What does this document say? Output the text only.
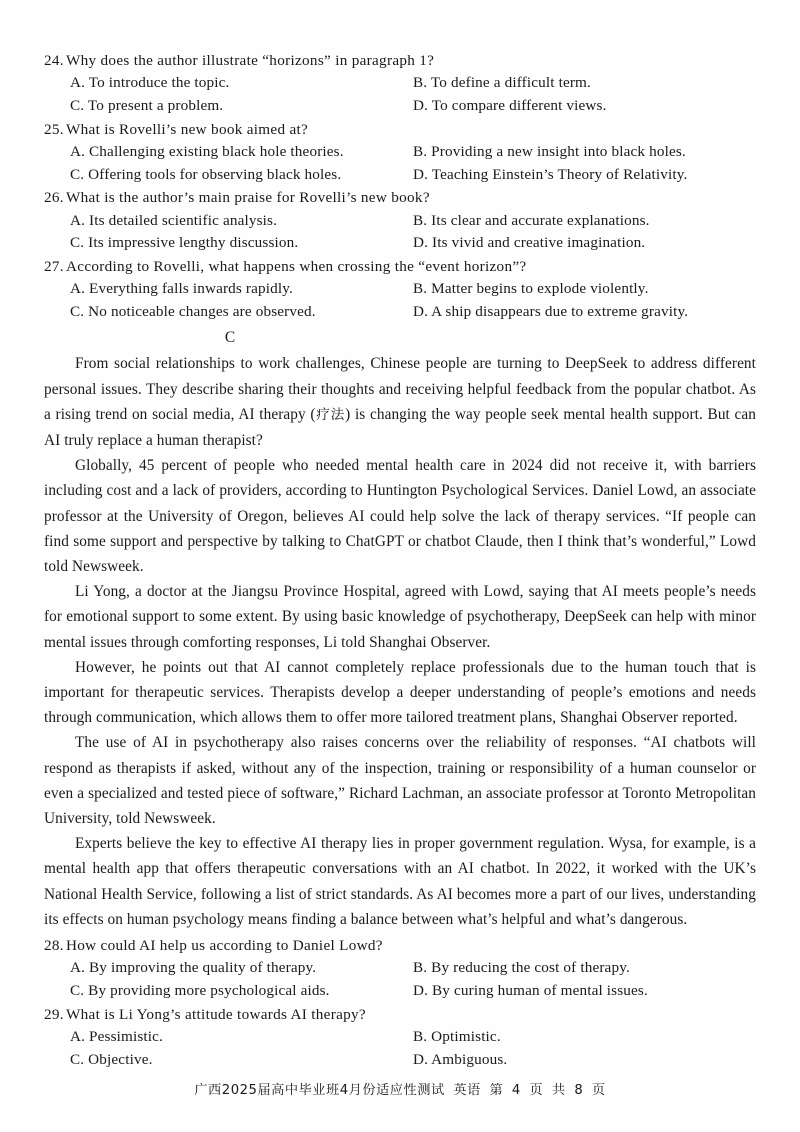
24. Why does the author illustrate “horizons” in paragraph 1?
A. To introduce the topic.	B. To define a difficult term.
C. To present a problem.	D. To compare different views.
25. What is Rovelli’s new book aimed at?
A. Challenging existing black hole theories.	B. Providing a new insight into black holes.
C. Offering tools for observing black holes.	D. Teaching Einstein’s Theory of Relativity.
26. What is the author’s main praise for Rovelli’s new book?
A. Its detailed scientific analysis.	B. Its clear and accurate explanations.
C. Its impressive lengthy discussion.	D. Its vivid and creative imagination.
27. According to Rovelli, what happens when crossing the “event horizon”?
A. Everything falls inwards rapidly.	B. Matter begins to explode violently.
C. No noticeable changes are observed.	D. A ship disappears due to extreme gravity.
C

From social relationships to work challenges, Chinese people are turning to DeepSeek to address different personal issues. They describe sharing their thoughts and receiving helpful feedback from the popular chatbot. As a rising trend on social media, AI therapy (疗法) is changing the way people seek mental health support. But can AI truly replace a human therapist?

Globally, 45 percent of people who needed mental health care in 2024 did not receive it, with barriers including cost and a lack of providers, according to Huntington Psychological Services. Daniel Lowd, an associate professor at the University of Oregon, believes AI could help solve the lack of therapy services. “If people can find some support and perspective by talking to ChatGPT or chatbot Claude, then I think that’s wonderful,” Lowd told Newsweek.

Li Yong, a doctor at the Jiangsu Province Hospital, agreed with Lowd, saying that AI meets people’s needs for emotional support to some extent. By using basic knowledge of psychotherapy, DeepSeek can help with minor mental issues through comforting responses, Li told Shanghai Observer.

However, he points out that AI cannot completely replace professionals due to the human touch that is important for therapeutic services. Therapists develop a deeper understanding of people’s emotions and needs through communication, which allows them to offer more tailored treatment plans, Shanghai Observer reported.

The use of AI in psychotherapy also raises concerns over the reliability of responses. “AI chatbots will respond as therapists if asked, without any of the inspection, training or responsibility of a human counselor or even a specialized and tested piece of software,” Richard Lachman, an associate professor at Toronto Metropolitan University, told Newsweek.

Experts believe the key to effective AI therapy lies in proper government regulation. Wysa, for example, is a mental health app that offers therapeutic conversations with an AI chatbot. In 2022, it worked with the UK’s National Health Service, following a list of strict standards. As AI becomes more a part of our lives, understanding its effects on human psychology means finding a balance between what’s helpful and what’s dangerous.

28. How could AI help us according to Daniel Lowd?
A. By improving the quality of therapy.	B. By reducing the cost of therapy.
C. By providing more psychological aids.	D. By curing human of mental issues.
29. What is Li Yong’s attitude towards AI therapy?
A. Pessimistic.	B. Optimistic.
C. Objective.	D. Ambiguous.
广西2025届高中毕业班4月份适应性测试 英语 第 4 页 共 8 页
